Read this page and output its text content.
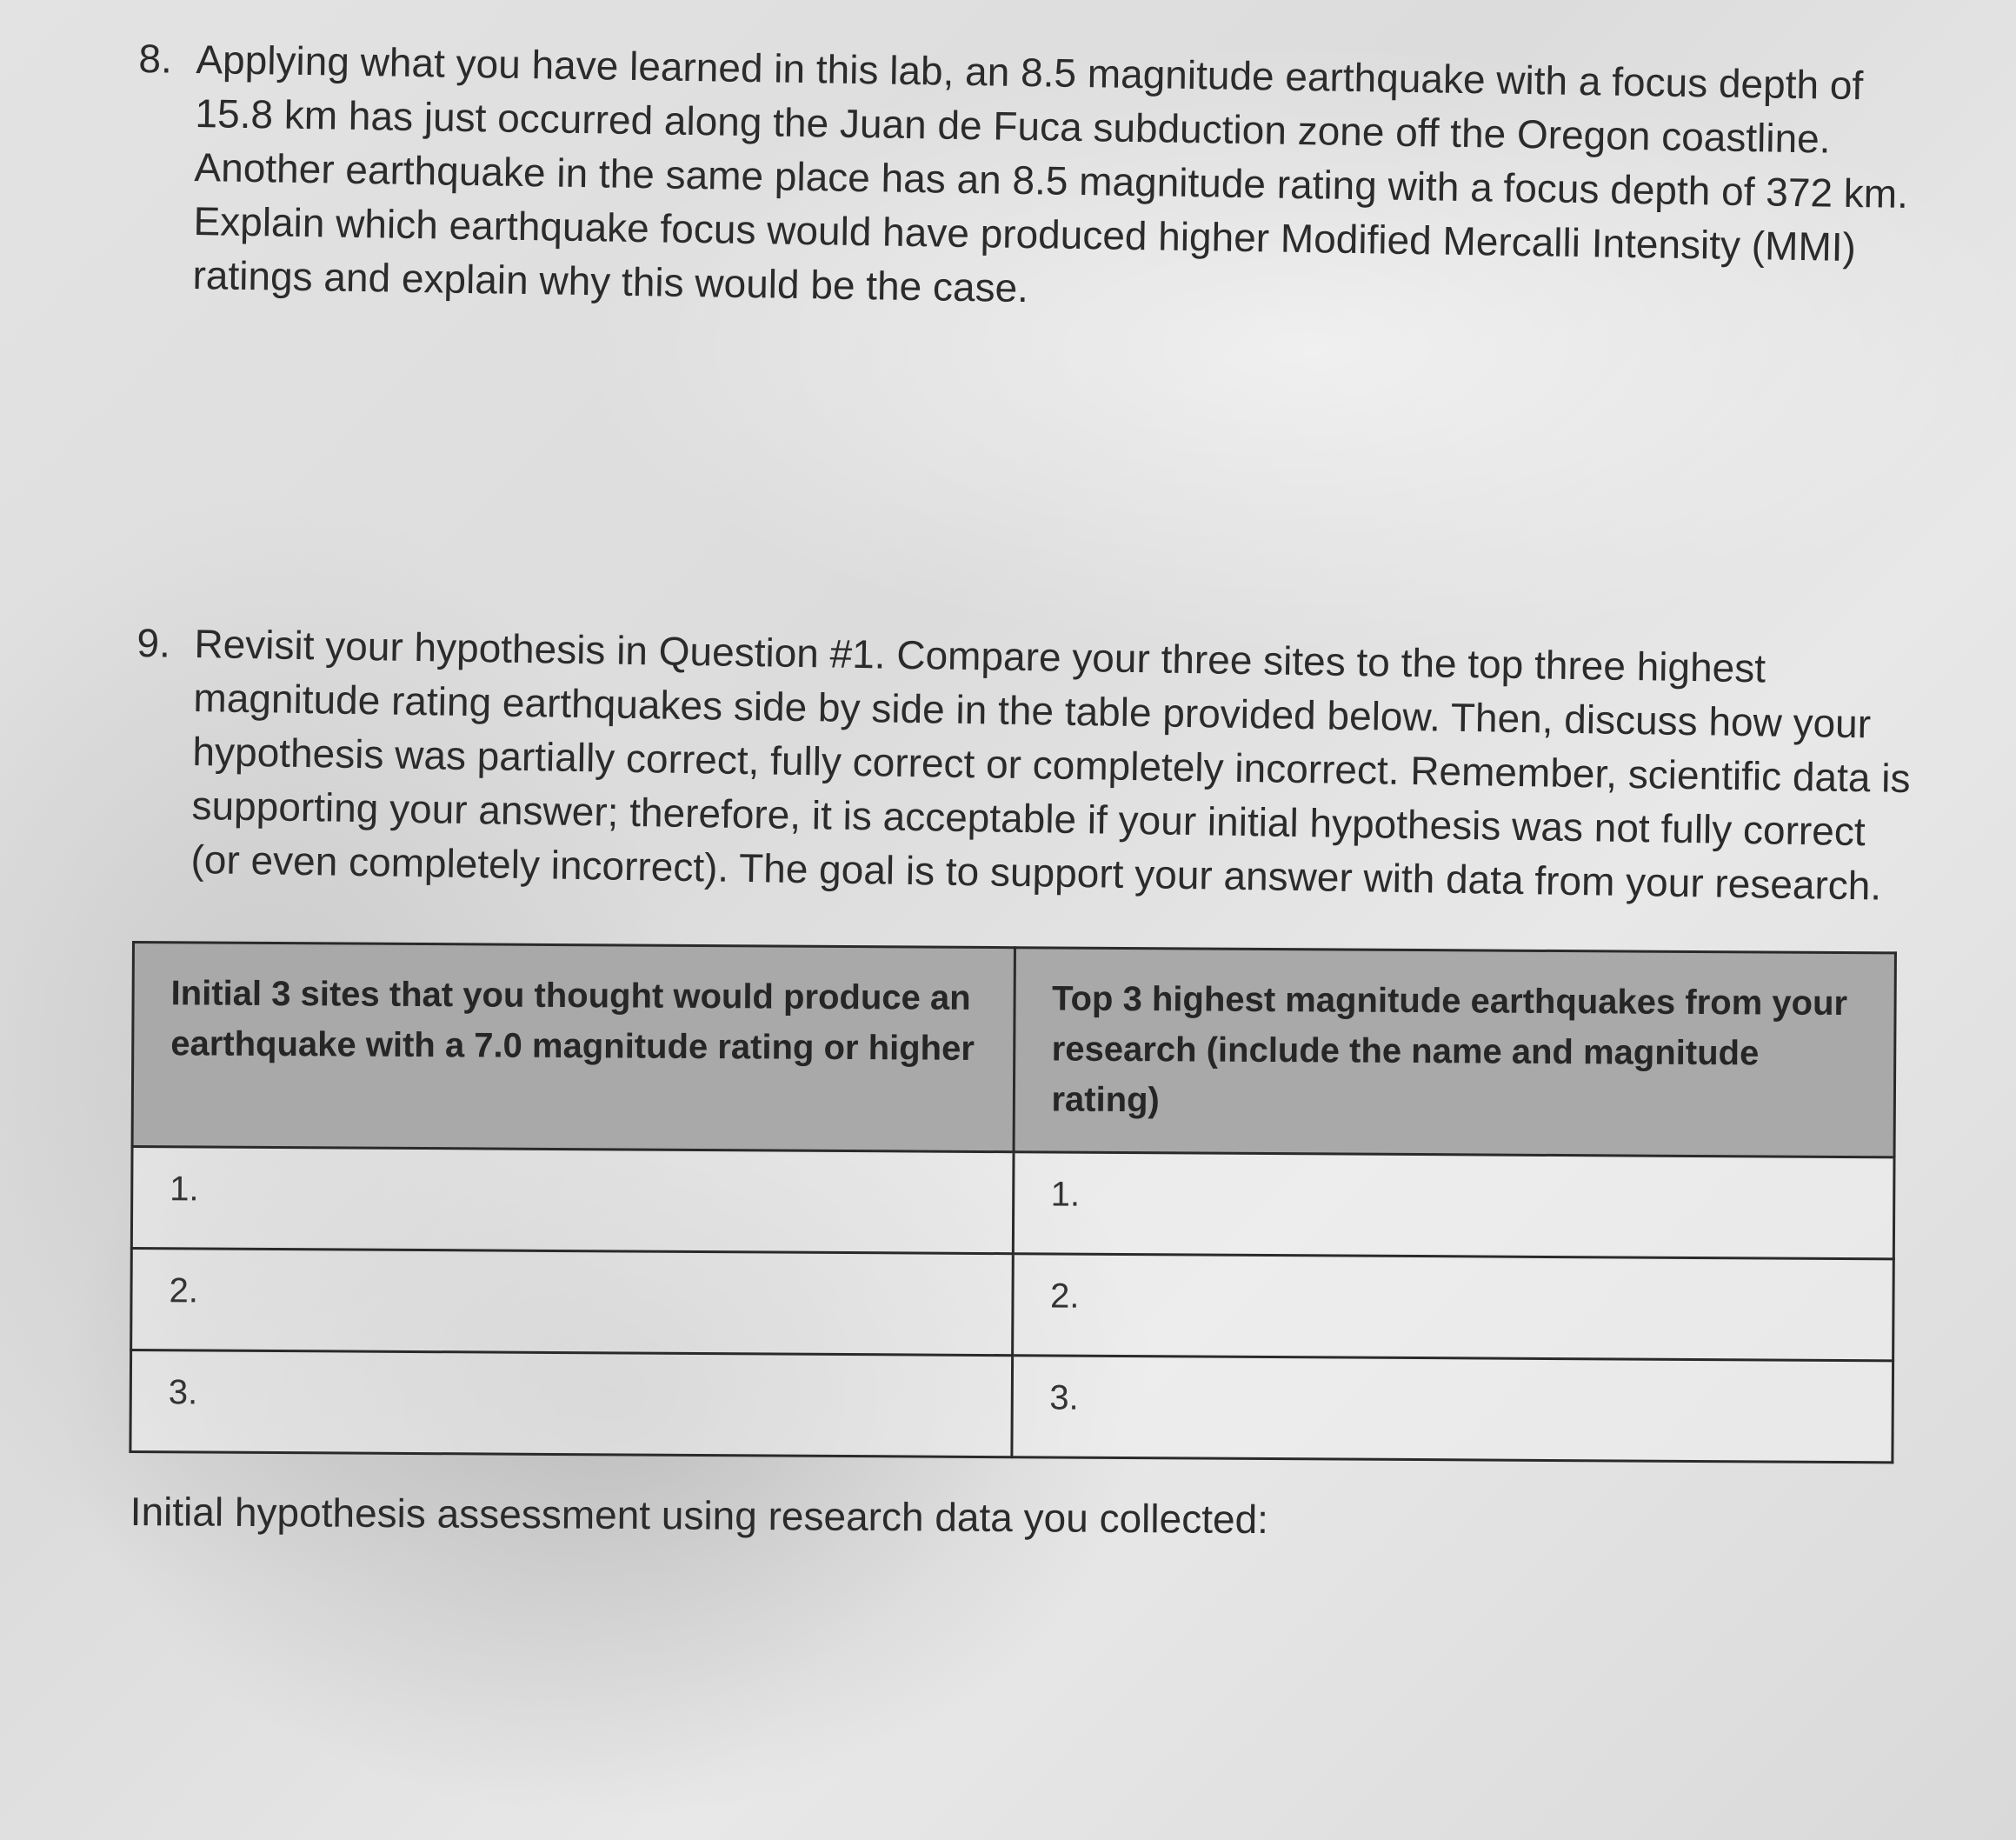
8. Applying what you have learned in this lab, an 8.5 magnitude earthquake with a focus depth of 15.8 km has just occurred along the Juan de Fuca subduction zone off the Oregon coastline. Another earthquake in the same place has an 8.5 magnitude rating with a focus depth of 372 km. Explain which earthquake focus would have produced higher Modified Mercalli Intensity (MMI) ratings and explain why this would be the case.
9. Revisit your hypothesis in Question #1. Compare your three sites to the top three highest magnitude rating earthquakes side by side in the table provided below. Then, discuss how your hypothesis was partially correct, fully correct or completely incorrect. Remember, scientific data is supporting your answer; therefore, it is acceptable if your initial hypothesis was not fully correct (or even completely incorrect). The goal is to support your answer with data from your research.
Initial 3 sites that you thought would produce an earthquake with a 7.0 magnitude rating or higher	Top 3 highest magnitude earthquakes from your research (include the name and magnitude rating)
1.	1.
2.	2.
3.	3.
Initial hypothesis assessment using research data you collected:
